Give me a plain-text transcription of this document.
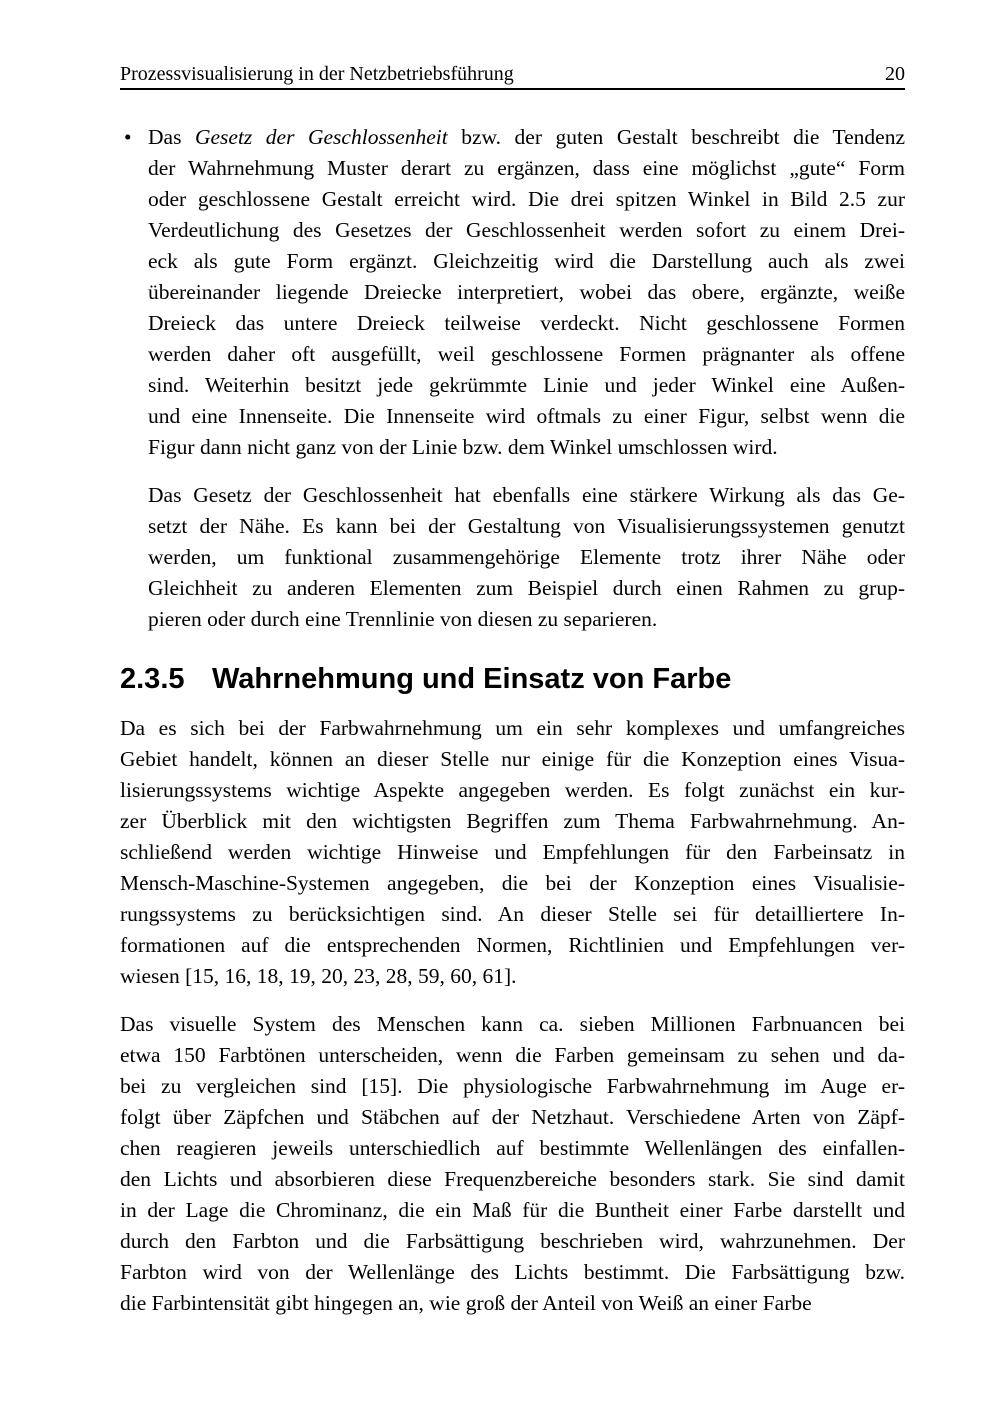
Prozessvisualisierung in der Netzbetriebsführung	20
• Das Gesetz der Geschlossenheit bzw. der guten Gestalt beschreibt die Tendenz
der Wahrnehmung Muster derart zu ergänzen, dass eine möglichst „gute“ Form
oder geschlossene Gestalt erreicht wird. Die drei spitzen Winkel in Bild 2.5 zur
Verdeutlichung des Gesetzes der Geschlossenheit werden sofort zu einem Drei-
eck als gute Form ergänzt. Gleichzeitig wird die Darstellung auch als zwei
übereinander liegende Dreiecke interpretiert, wobei das obere, ergänzte, weiße
Dreieck das untere Dreieck teilweise verdeckt. Nicht geschlossene Formen
werden daher oft ausgefüllt, weil geschlossene Formen prägnanter als offene
sind. Weiterhin besitzt jede gekrümmte Linie und jeder Winkel eine Außen-
und eine Innenseite. Die Innenseite wird oftmals zu einer Figur, selbst wenn die
Figur dann nicht ganz von der Linie bzw. dem Winkel umschlossen wird.
Das Gesetz der Geschlossenheit hat ebenfalls eine stärkere Wirkung als das Ge-
setzt der Nähe. Es kann bei der Gestaltung von Visualisierungssystemen genutzt
werden, um funktional zusammengehörige Elemente trotz ihrer Nähe oder
Gleichheit zu anderen Elementen zum Beispiel durch einen Rahmen zu grup-
pieren oder durch eine Trennlinie von diesen zu separieren.
2.3.5 Wahrnehmung und Einsatz von Farbe
Da es sich bei der Farbwahrnehmung um ein sehr komplexes und umfangreiches
Gebiet handelt, können an dieser Stelle nur einige für die Konzeption eines Visua-
lisierungssystems wichtige Aspekte angegeben werden. Es folgt zunächst ein kur-
zer Überblick mit den wichtigsten Begriffen zum Thema Farbwahrnehmung. An-
schließend werden wichtige Hinweise und Empfehlungen für den Farbeinsatz in
Mensch-Maschine-Systemen angegeben, die bei der Konzeption eines Visualisie-
rungssystems zu berücksichtigen sind. An dieser Stelle sei für detailliertere In-
formationen auf die entsprechenden Normen, Richtlinien und Empfehlungen ver-
wiesen [15, 16, 18, 19, 20, 23, 28, 59, 60, 61].
Das visuelle System des Menschen kann ca. sieben Millionen Farbnuancen bei
etwa 150 Farbtönen unterscheiden, wenn die Farben gemeinsam zu sehen und da-
bei zu vergleichen sind [15]. Die physiologische Farbwahrnehmung im Auge er-
folgt über Zäpfchen und Stäbchen auf der Netzhaut. Verschiedene Arten von Zäpf-
chen reagieren jeweils unterschiedlich auf bestimmte Wellenlängen des einfallen-
den Lichts und absorbieren diese Frequenzbereiche besonders stark. Sie sind damit
in der Lage die Chrominanz, die ein Maß für die Buntheit einer Farbe darstellt und
durch den Farbton und die Farbsättigung beschrieben wird, wahrzunehmen. Der
Farbton wird von der Wellenlänge des Lichts bestimmt. Die Farbsättigung bzw.
die Farbintensität gibt hingegen an, wie groß der Anteil von Weiß an einer Farbe
